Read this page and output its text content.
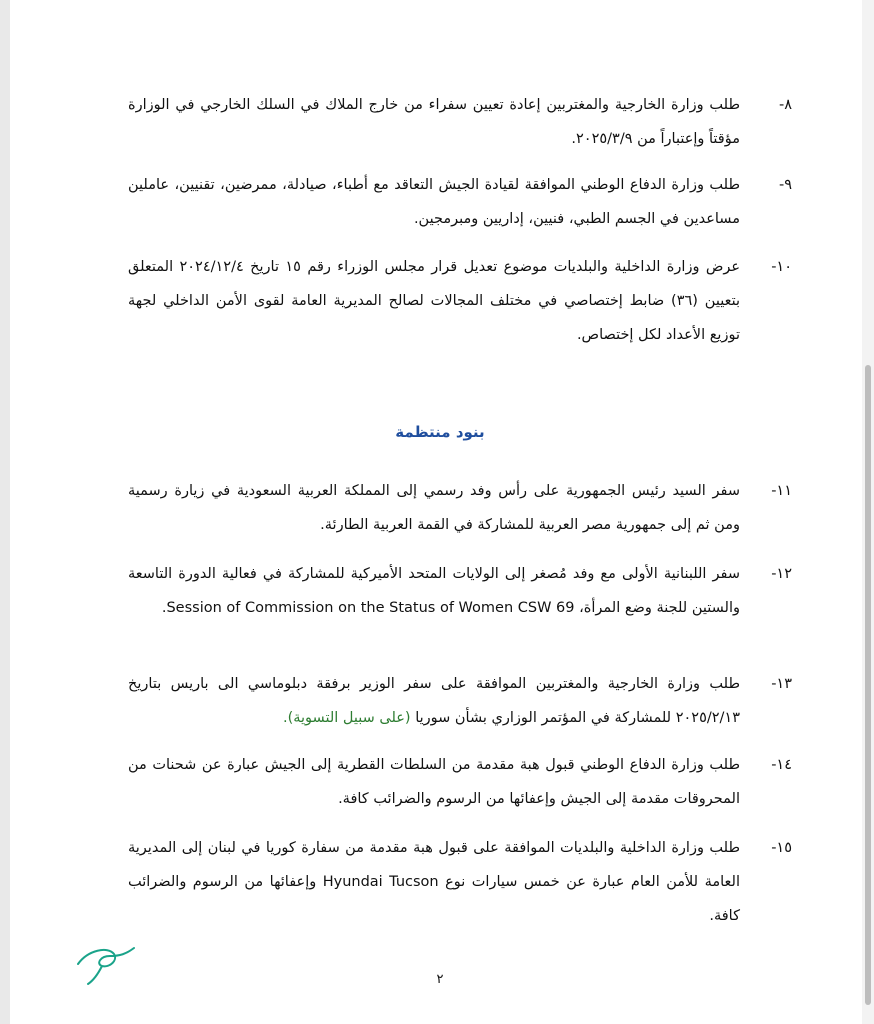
٨-
طلب وزارة الخارجية والمغتربين إعادة تعيين سفراء من خارج الملاك في السلك الخارجي في الوزارة مؤقتاً وإعتباراً من ٢٠٢٥/٣/٩.
٩-
طلب وزارة الدفاع الوطني الموافقة لقيادة الجيش التعاقد مع أطباء، صيادلة، ممرضين، تقنيين، عاملين مساعدين في الجسم الطبي، فنيين، إداريين ومبرمجين.
١٠-
عرض وزارة الداخلية والبلديات موضوع تعديل قرار مجلس الوزراء رقم ١٥ تاريخ ٢٠٢٤/١٢/٤ المتعلق بتعيين (٣٦) ضابط إختصاصي في مختلف المجالات لصالح المديرية العامة لقوى الأمن الداخلي لجهة توزيع الأعداد لكل إختصاص.
بنود منتظمة
١١-
سفر السيد رئيس الجمهورية على رأس وفد رسمي إلى المملكة العربية السعودية في زيارة رسمية ومن ثم إلى جمهورية مصر العربية للمشاركة في القمة العربية الطارئة.
١٢-
سفر اللبنانية الأولى مع وفد مُصغر إلى الولايات المتحد الأميركية للمشاركة في فعالية الدورة التاسعة والستين للجنة وضع المرأة، 69 Session of Commission on the Status of Women CSW.
١٣-
طلب وزارة الخارجية والمغتربين الموافقة على سفر الوزير برفقة دبلوماسي الى باريس بتاريخ ٢٠٢٥/٢/١٣ للمشاركة في المؤتمر الوزاري بشأن سوريا (على سبيل التسوية).
١٤-
طلب وزارة الدفاع الوطني قبول هبة مقدمة من السلطات القطرية إلى الجيش عبارة عن شحنات من المحروقات مقدمة إلى الجيش وإعفائها من الرسوم والضرائب كافة.
١٥-
طلب وزارة الداخلية والبلديات الموافقة على قبول هبة مقدمة من سفارة كوريا في لبنان إلى المديرية العامة للأمن العام عبارة عن خمس سيارات نوع Hyundai Tucson وإعفائها من الرسوم والضرائب كافة.
٢
